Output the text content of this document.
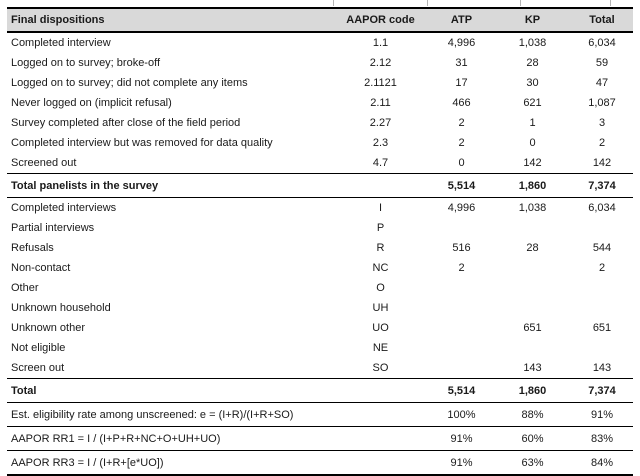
Final dispositions	AAPOR code	ATP	KP	Total
Completed interview	1.1	4,996	1,038	6,034
Logged on to survey; broke-off	2.12	31	28	59
Logged on to survey; did not complete any items	2.1121	17	30	47
Never logged on (implicit refusal)	2.11	466	621	1,087
Survey completed after close of the field period	2.27	2	1	3
Completed interview but was removed for data quality	2.3	2	0	2
Screened out	4.7	0	142	142
Total panelists in the survey		5,514	1,860	7,374
Completed interviews	I	4,996	1,038	6,034
Partial interviews	P			
Refusals	R	516	28	544
Non-contact	NC	2		2
Other	O			
Unknown household	UH			
Unknown other	UO		651	651
Not eligible	NE			
Screen out	SO		143	143
Total		5,514	1,860	7,374
Est. eligibility rate among unscreened: e = (I+R)/(I+R+SO)		100%	88%	91%
AAPOR RR1 = I / (I+P+R+NC+O+UH+UO)		91%	60%	83%
AAPOR RR3 = I / (I+R+[e*UO])		91%	63%	84%
